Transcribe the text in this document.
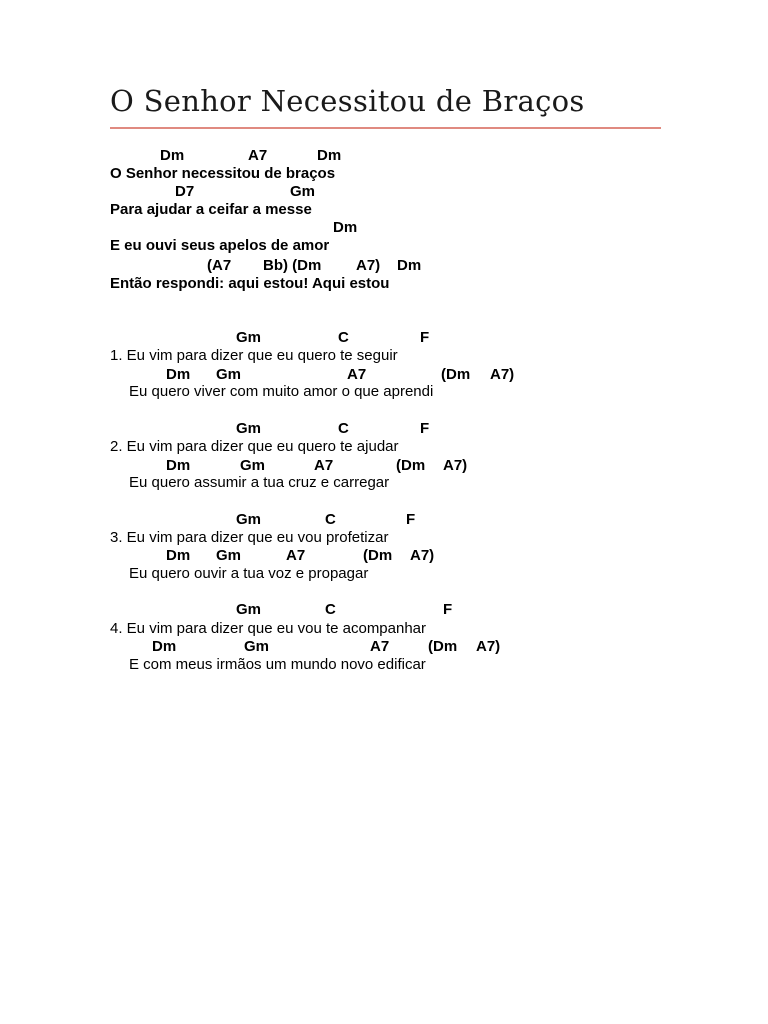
O Senhor Necessitou de Braços
Dm	A7	Dm
O Senhor necessitou de braços
D7	Gm
Para ajudar a ceifar a messe
Dm
E eu ouvi seus apelos de amor
(A7 Bb) (Dm A7) Dm
Então respondi: aqui estou! Aqui estou
Gm	C	F
1. Eu vim para dizer que eu quero te seguir
Dm Gm	A7	(Dm A7)
Eu quero viver com muito amor o que aprendi
Gm	C	F
2. Eu vim para dizer que eu quero te ajudar
Dm	Gm	A7	(Dm A7)
Eu quero assumir a tua cruz e carregar
Gm	C	F
3. Eu vim para dizer que eu vou profetizar
Dm Gm	A7	(Dm A7)
Eu quero ouvir a tua voz e propagar
Gm	C	F
4. Eu vim para dizer que eu vou te acompanhar
Dm	Gm	A7	(Dm A7)
E com meus irmãos um mundo novo edificar
